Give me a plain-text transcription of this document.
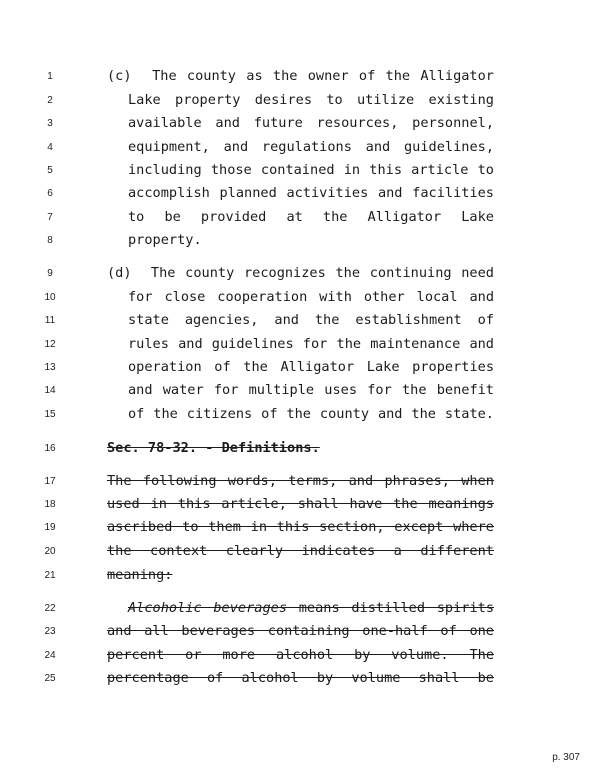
1
2
3
4
5
6
7
8
9
10
11
12
13
14
15
16
17
18
19
20
21
22
23
24
25
(c)  The county as the owner of the Alligator
Lake property desires to utilize existing
available and future resources, personnel,
equipment, and regulations and guidelines,
including those contained in this article to
accomplish planned activities and facilities
to be provided at the Alligator Lake
property.
(d)  The county recognizes the continuing need
for close cooperation with other local and
state agencies, and the establishment of
rules and guidelines for the maintenance and
operation of the Alligator Lake properties
and water for multiple uses for the benefit
of the citizens of the county and the state.
Sec. 78-32. - Definitions.
The following words, terms, and phrases, when
used in this article, shall have the meanings
ascribed to them in this section, except where
the context clearly indicates a different
meaning:
Alcoholic beverages means distilled spirits
and all beverages containing one-half of one
percent or more alcohol by volume. The
percentage of alcohol by volume shall be
p. 307
